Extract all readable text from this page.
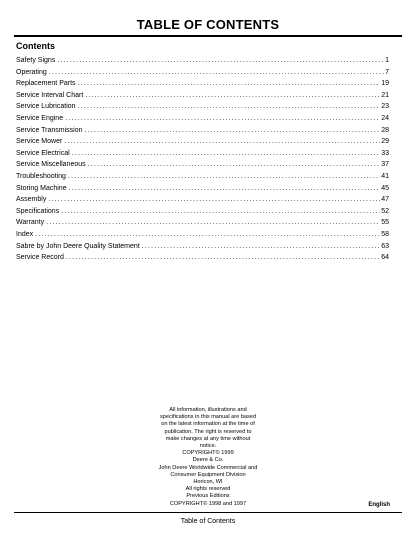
TABLE OF CONTENTS
Contents
Safety Signs .....	1
Operating .....	7
Replacement Parts .....	19
Service Interval Chart .....	21
Service Lubrication .....	23
Service Engine .....	24
Service Transmission .....	28
Service Mower .....	29
Service Electrical .....	33
Service Miscellaneous .....	37
Troubleshooting .....	41
Storing Machine .....	45
Assembly .....	47
Specifications .....	52
Warranty .....	55
Index .....	58
Sabre by John Deere Quality Statement .....	63
Service Record .....	64
All information, illustrations and
specifications in this manual are based
on the latest information at the time of
publication. The right is reserved to
make changes at any time without
notice.
COPYRIGHT© 1999
Deere & Co.
John Deere Worldwide Commercial and
Consumer Equipment Division
Horicon, WI
All rights reserved
Previous Editions
COPYRIGHT© 1998 and 1997	English
Table of Contents
